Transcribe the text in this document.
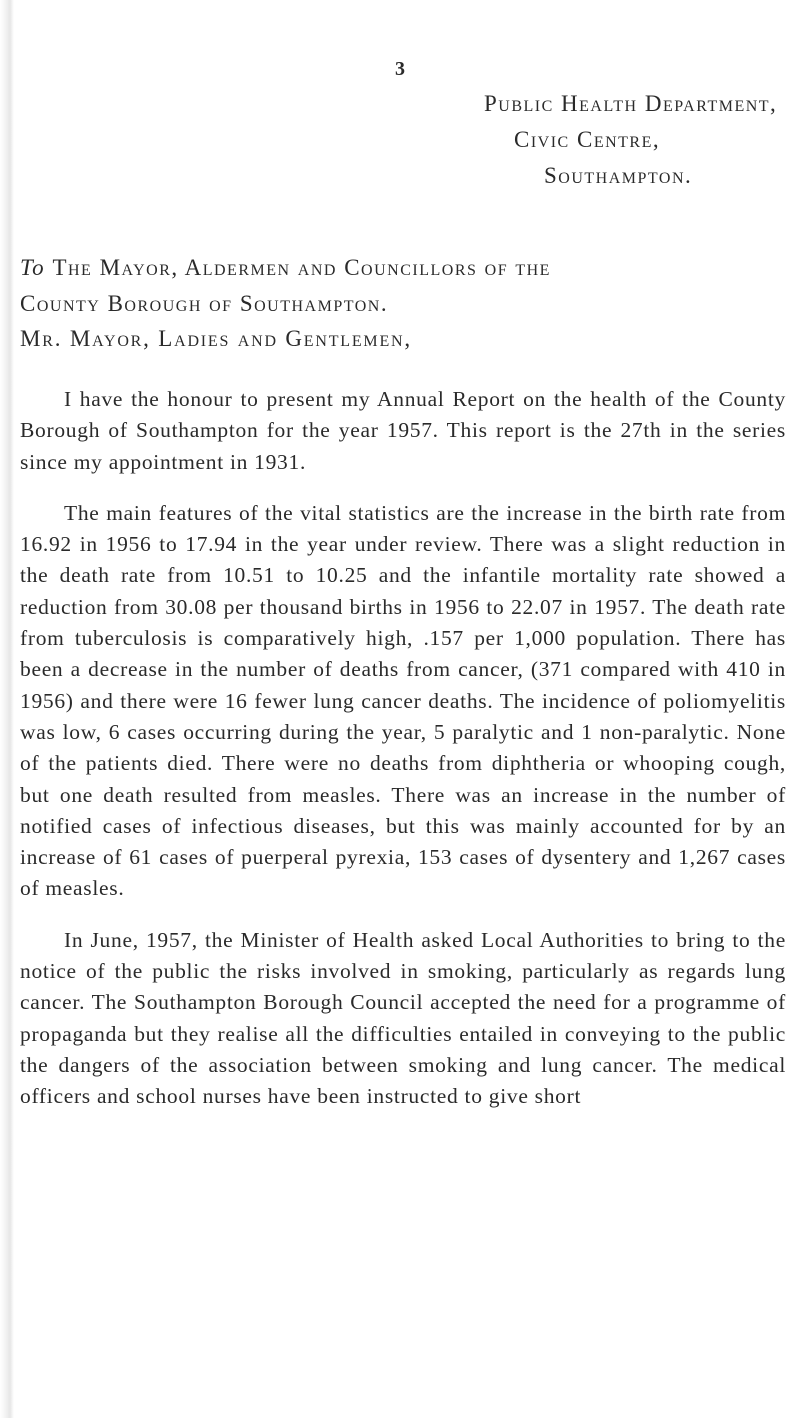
3
Public Health Department,
Civic Centre,
Southampton.
To The Mayor, Aldermen and Councillors of the
County Borough of Southampton.
Mr. Mayor, Ladies and Gentlemen,

I have the honour to present my Annual Report on the health of the County Borough of Southampton for the year 1957. This report is the 27th in the series since my appointment in 1931.

The main features of the vital statistics are the increase in the birth rate from 16.92 in 1956 to 17.94 in the year under review. There was a slight reduction in the death rate from 10.51 to 10.25 and the infantile mortality rate showed a reduction from 30.08 per thousand births in 1956 to 22.07 in 1957. The death rate from tuberculosis is comparatively high, .157 per 1,000 population. There has been a decrease in the number of deaths from cancer, (371 compared with 410 in 1956) and there were 16 fewer lung cancer deaths. The incidence of poliomyelitis was low, 6 cases occurring during the year, 5 paralytic and 1 non-paralytic. None of the patients died. There were no deaths from diphtheria or whooping cough, but one death resulted from measles. There was an increase in the number of notified cases of infectious diseases, but this was mainly accounted for by an increase of 61 cases of puerperal pyrexia, 153 cases of dysentery and 1,267 cases of measles.

In June, 1957, the Minister of Health asked Local Authorities to bring to the notice of the public the risks involved in smoking, particularly as regards lung cancer. The Southampton Borough Council accepted the need for a programme of propaganda but they realise all the difficulties entailed in conveying to the public the dangers of the association between smoking and lung cancer. The medical officers and school nurses have been instructed to give short
